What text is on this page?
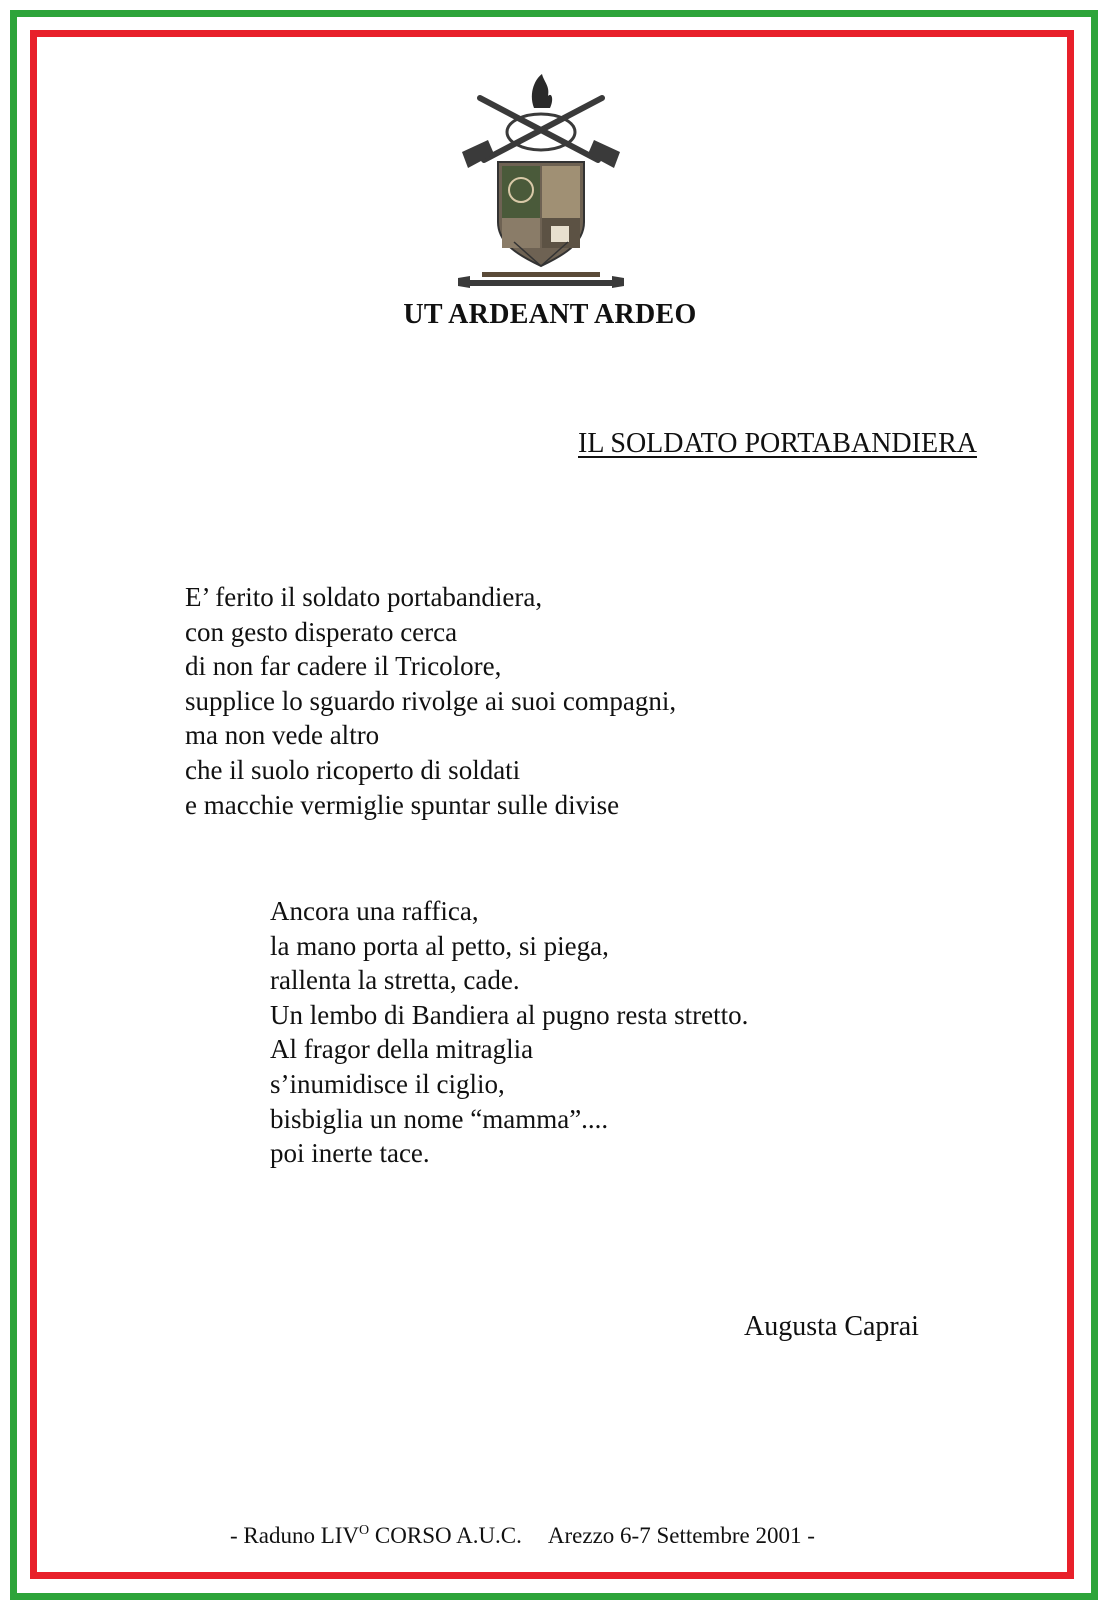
UT ARDEANT ARDEO
IL SOLDATO PORTABANDIERA
E’ ferito il soldato portabandiera,
con gesto disperato cerca
di non far cadere il Tricolore,
supplice lo sguardo rivolge ai suoi compagni,
ma non vede altro
che il suolo ricoperto di soldati
e macchie vermiglie spuntar sulle divise
Ancora una raffica,
la mano porta al petto, si piega,
rallenta la stretta, cade.
Un lembo di Bandiera al pugno resta stretto.
Al fragor della mitraglia
s’inumidisce il ciglio,
bisbiglia un nome “mamma”....
poi inerte tace.
Augusta Caprai
- Raduno $LIV^O$ CORSO A.U.C. Arezzo 6-7 Settembre 2001 -
